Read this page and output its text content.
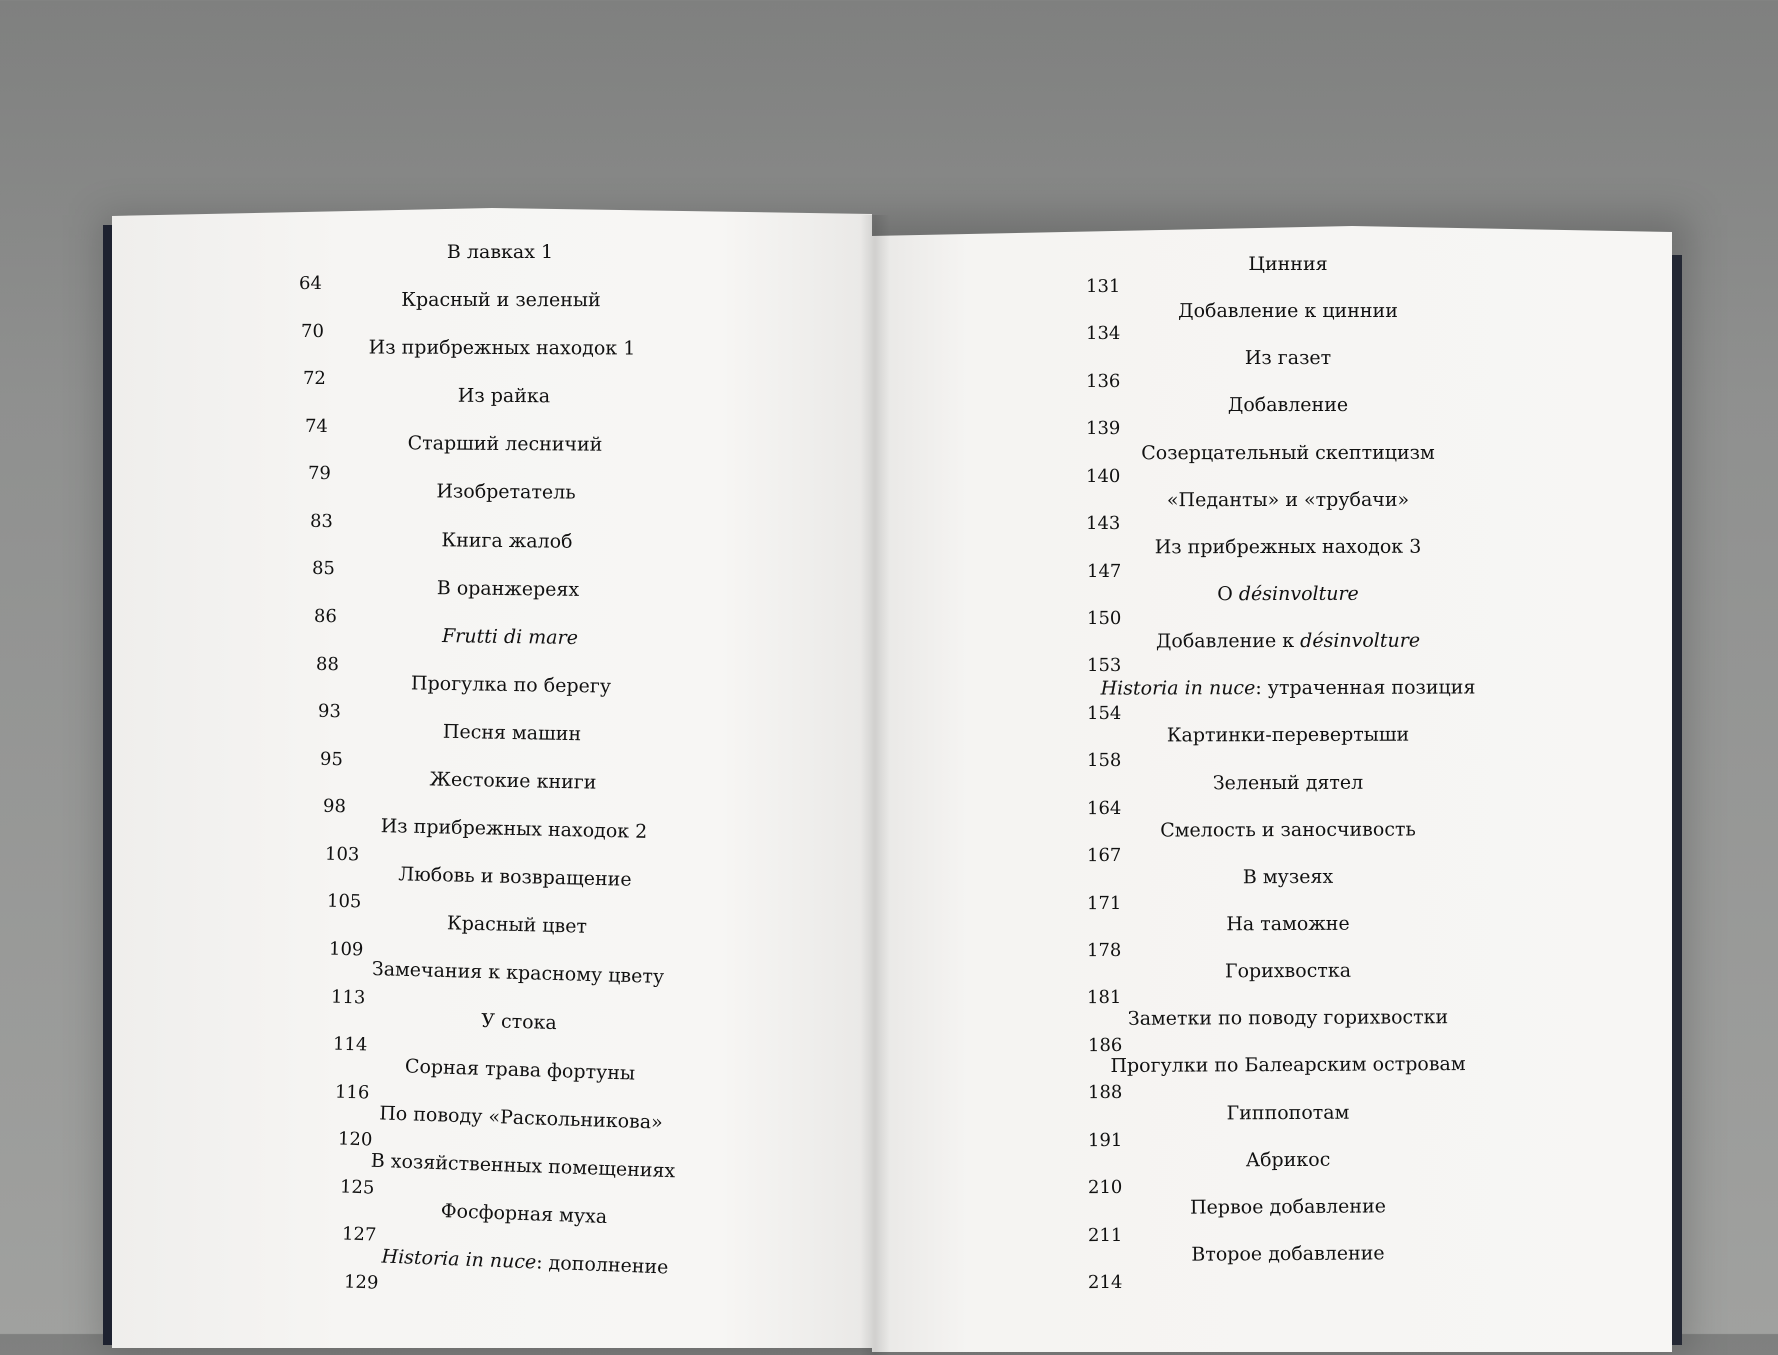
В лавках 1
64
Красный и зеленый
70
Из прибрежных находок 1
72
Из райка
74
Старший лесничий
79
Изобретатель
83
Книга жалоб
85
В оранжереях
86
Frutti di mare
88
Прогулка по берегу
93
Песня машин
95
Жестокие книги
98
Из прибрежных находок 2
103
Любовь и возвращение
105
Красный цвет
109
Замечания к красному цвету
113
У стока
114
Сорная трава фортуны
116
По поводу «Раскольникова»
120
В хозяйственных помещениях
125
Фосфорная муха
127
Historia in nuce: дополнение
129
Цинния
131
Добавление к циннии
134
Из газет
136
Добавление
139
Созерцательный скептицизм
140
«Педанты» и «трубачи»
143
Из прибрежных находок 3
147
О désinvolture
150
Добавление к désinvolture
153
Historia in nuce: утраченная позиция
154
Картинки-перевертыши
158
Зеленый дятел
164
Смелость и заносчивость
167
В музеях
171
На таможне
178
Горихвостка
181
Заметки по поводу горихвостки
186
Прогулки по Балеарским островам
188
Гиппопотам
191
Абрикос
210
Первое добавление
211
Второе добавление
214
